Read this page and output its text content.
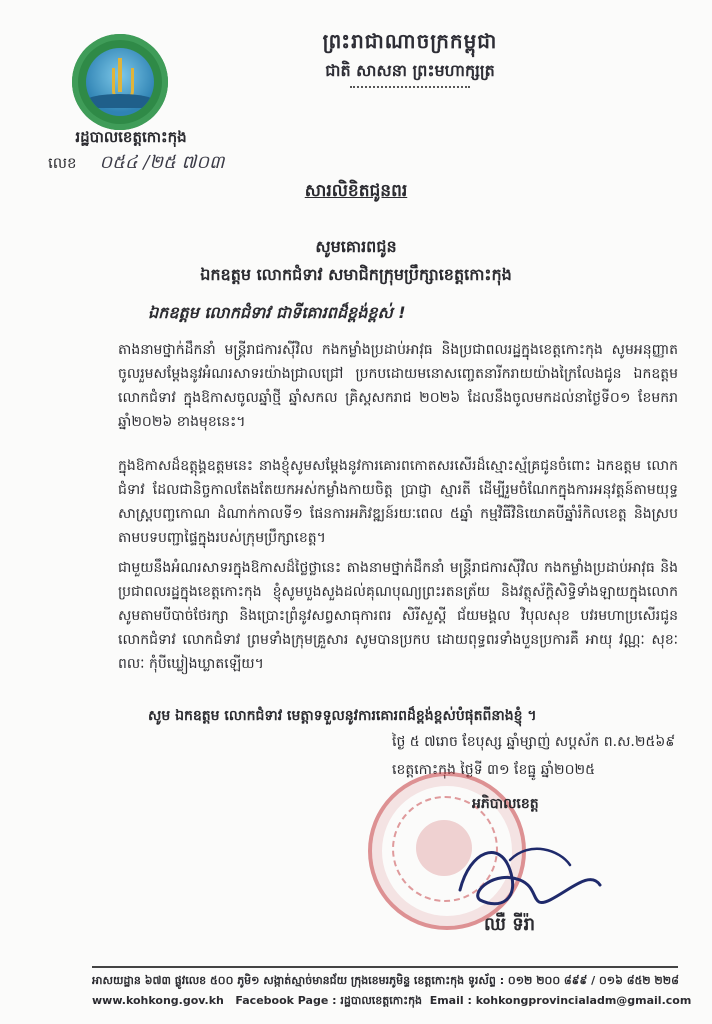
ព្រះរាជាណាចក្រកម្ពុជា
ជាតិ សាសនា ព្រះមហាក្សត្រ
រដ្ឋបាលខេត្តកោះកុង
លេខ ០៥៤ /២៥ ៧០៣
សារលិខិតជូនពរ
សូមគោរពជូន
ឯកឧត្តម លោកជំទាវ សមាជិកក្រុមប្រឹក្សាខេត្តកោះកុង
ឯកឧត្តម លោកជំទាវ ជាទីគោរពដ៏ខ្ពង់ខ្ពស់ !
តាងនាមថ្នាក់ដឹកនាំ មន្ត្រីរាជការស៊ីវិល កងកម្លាំងប្រដាប់អាវុធ និងប្រជាពលរដ្ឋក្នុងខេត្តកោះកុង សូមអនុញ្ញាតចូលរួមសម្ដែងនូវអំណរសាទរយ៉ាងជ្រាលជ្រៅ ប្រកបដោយមនោសញ្ចេតនារីករាយយ៉ាងក្រៃលែងជូន ឯកឧត្តម លោកជំទាវ ក្នុងឱកាសចូលឆ្នាំថ្មី ឆ្នាំសកល គ្រិស្តសករាជ ២០២៦ ដែលនឹងចូលមកដល់នាថ្ងៃទី០១ ខែមករា ឆ្នាំ២០២៦ ខាងមុខនេះ។
ក្នុងឱកាសដ៏ឧត្តុង្គឧត្តមនេះ នាងខ្ញុំសូមសម្ដែងនូវការគោរពកោតសរសើរដ៏ស្មោះស្ម័គ្រជូនចំពោះ ឯកឧត្តម លោកជំទាវ ដែលជានិច្ចកាលតែងតែយកអស់កម្លាំងកាយចិត្ត ប្រាជ្ញា ស្មារតី ដើម្បីរួមចំណែកក្នុងការអនុវត្តន៍តាមយុទ្ធសាស្ត្របញ្ចកោណ ដំណាក់កាលទី១ ផែនការអភិវឌ្ឍន៍រយៈពេល ៥ឆ្នាំ កម្មវិធីវិនិយោគបីឆ្នាំរំកិលខេត្ត និងស្របតាមបទបញ្ជាផ្ទៃក្នុងរបស់ក្រុមប្រឹក្សាខេត្ត។
ជាមួយនឹងអំណរសាទរក្នុងឱកាសដ៏ថ្លៃថ្លានេះ តាងនាមថ្នាក់ដឹកនាំ មន្ត្រីរាជការស៊ីវិល កងកម្លាំងប្រដាប់អាវុធ និងប្រជាពលរដ្ឋក្នុងខេត្តកោះកុង ខ្ញុំសូមបួងសួងដល់គុណបុណ្យព្រះរតនត្រ័យ និងវត្ថុស័ក្តិសិទ្ធិទាំងឡាយក្នុងលោក សូមតាមបីបាច់ថែរក្សា និងប្រោះព្រំនូវសព្វសាធុការពរ សិរីសួស្តី ជ័យមង្គល វិបុលសុខ បវរមហាប្រសើរជូន លោកជំទាវ លោកជំទាវ ព្រមទាំងក្រុមគ្រួសារ សូមបានប្រកប ដោយពុទ្ធពរទាំងបួនប្រការគឺ អាយុ វណ្ណៈ សុខៈ ពលៈ កុំបីឃ្លៀងឃ្លាតឡើយ។
សូម ឯកឧត្តម លោកជំទាវ មេត្តាទទួលនូវការគោរពដ៏ខ្ពង់ខ្ពស់បំផុតពីនាងខ្ញុំ ។
ថ្ងៃ ៥ ៧រោច ខែបុស្ស ឆ្នាំម្សាញ់ សប្តស័ក ព.ស.២៥៦៩
ខេត្តកោះកុង ថ្ងៃទី ៣១ ខែធ្នូ ឆ្នាំ២០២៥
អភិបាលខេត្ត
ឈឺ ទីរ៉ា
អាសយដ្ឋាន ៦៧៣ ផ្លូវលេខ ៥០០ ភូមិ១ សង្កាត់ស្មាច់មានជ័យ ក្រុងខេមរភូមិន្ទ ខេត្តកោះកុង ទូរស័ព្ទ : ០១២ ២០០ ៨៩៩ / ០១៦ ៨៥២ ២២៨
www.kohkong.gov.kh Facebook Page : រដ្ឋបាលខេត្តកោះកុង Email : kohkongprovincialadm@gmail.com
